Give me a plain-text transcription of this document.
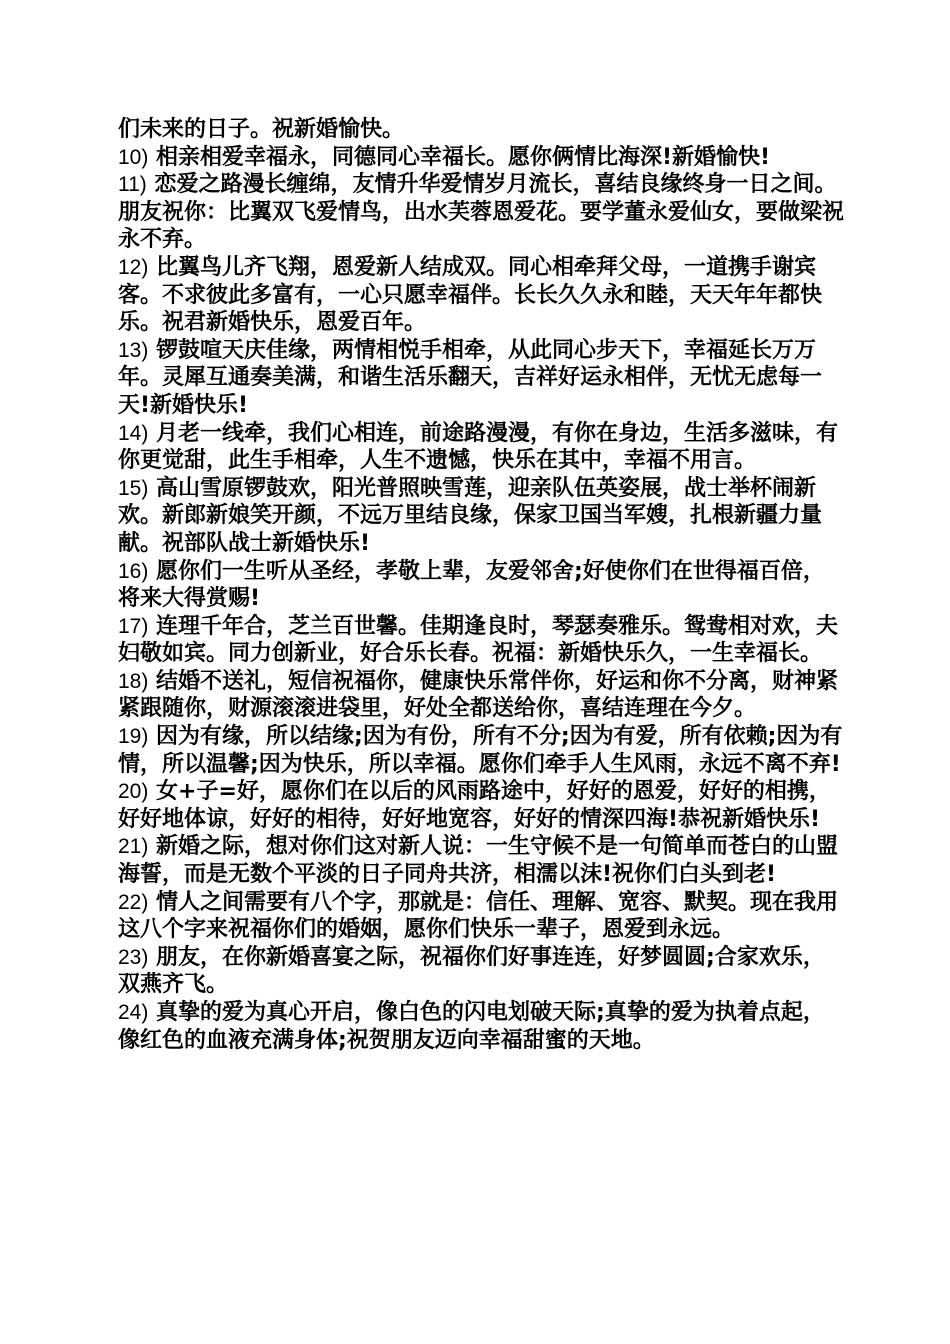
们未来的日子。祝新婚愉快。

10) 相亲相爱幸福永，同德同心幸福长。愿你俩情比海深!新婚愉快!

11) 恋爱之路漫长缠绵，友情升华爱情岁月流长，喜结良缘终身一日之间。朋友祝你：比翼双飞爱情鸟，出水芙蓉恩爱花。要学董永爱仙女，要做梁祝永不弃。

12) 比翼鸟儿齐飞翔，恩爱新人结成双。同心相牵拜父母，一道携手谢宾客。不求彼此多富有，一心只愿幸福伴。长长久久永和睦，天天年年都快乐。祝君新婚快乐，恩爱百年。

13) 锣鼓喧天庆佳缘，两情相悦手相牵，从此同心步天下，幸福延长万万年。灵犀互通奏美满，和谐生活乐翻天，吉祥好运永相伴，无忧无虑每一天!新婚快乐!

14) 月老一线牵，我们心相连，前途路漫漫，有你在身边，生活多滋味，有你更觉甜，此生手相牵，人生不遗憾，快乐在其中，幸福不用言。

15) 高山雪原锣鼓欢，阳光普照映雪莲，迎亲队伍英姿展，战士举杯闹新欢。新郎新娘笑开颜，不远万里结良缘，保家卫国当军嫂，扎根新疆力量献。祝部队战士新婚快乐!

16) 愿你们一生听从圣经，孝敬上辈，友爱邻舍;好使你们在世得福百倍，将来大得赏赐!

17) 连理千年合，芝兰百世馨。佳期逢良时，琴瑟奏雅乐。鸳鸯相对欢，夫妇敬如宾。同力创新业，好合乐长春。祝福：新婚快乐久，一生幸福长。

18) 结婚不送礼，短信祝福你，健康快乐常伴你，好运和你不分离，财神紧紧跟随你，财源滚滚进袋里，好处全都送给你，喜结连理在今夕。

19) 因为有缘，所以结缘;因为有份，所有不分;因为有爱，所有依赖;因为有情，所以温馨;因为快乐，所以幸福。愿你们牵手人生风雨，永远不离不弃!

20) 女+子=好，愿你们在以后的风雨路途中，好好的恩爱，好好的相携，好好地体谅，好好的相待，好好地宽容，好好的情深四海!恭祝新婚快乐!

21) 新婚之际，想对你们这对新人说：一生守候不是一句简单而苍白的山盟海誓，而是无数个平淡的日子同舟共济，相濡以沫!祝你们白头到老!

22) 情人之间需要有八个字，那就是：信任、理解、宽容、默契。现在我用这八个字来祝福你们的婚姻，愿你们快乐一辈子，恩爱到永远。

23) 朋友，在你新婚喜宴之际，祝福你们好事连连，好梦圆圆;合家欢乐，双燕齐飞。

24) 真挚的爱为真心开启，像白色的闪电划破天际;真挚的爱为执着点起，像红色的血液充满身体;祝贺朋友迈向幸福甜蜜的天地。
